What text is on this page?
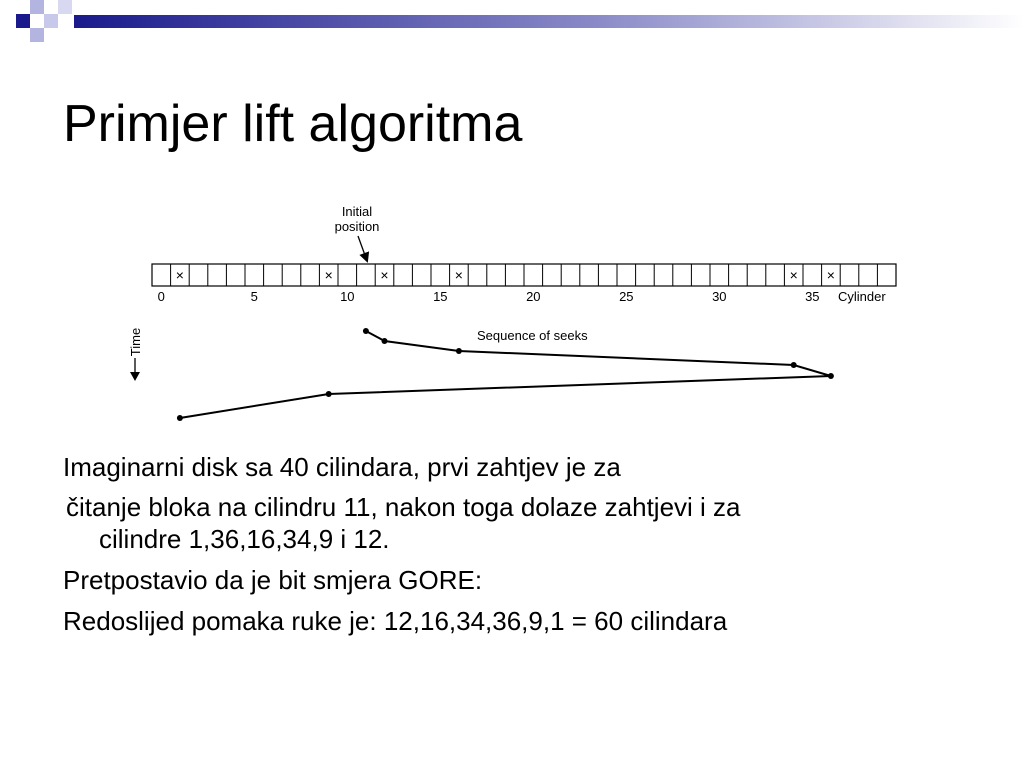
Primjer lift algoritma
Initial
position
×	×	×	×	× ×
0	5	10	15	20	25	30	35 Cylinder
Time	Sequence of seeks
Imaginarni disk sa 40 cilindara, prvi zahtjev je za
čitanje bloka na cilindru 11, nakon toga dolaze zahtjevi i za
cilindre 1,36,16,34,9 i 12.
Pretpostavio da je bit smjera GORE:
Redoslijed pomaka ruke je: 12,16,34,36,9,1 = 60 cilindara
